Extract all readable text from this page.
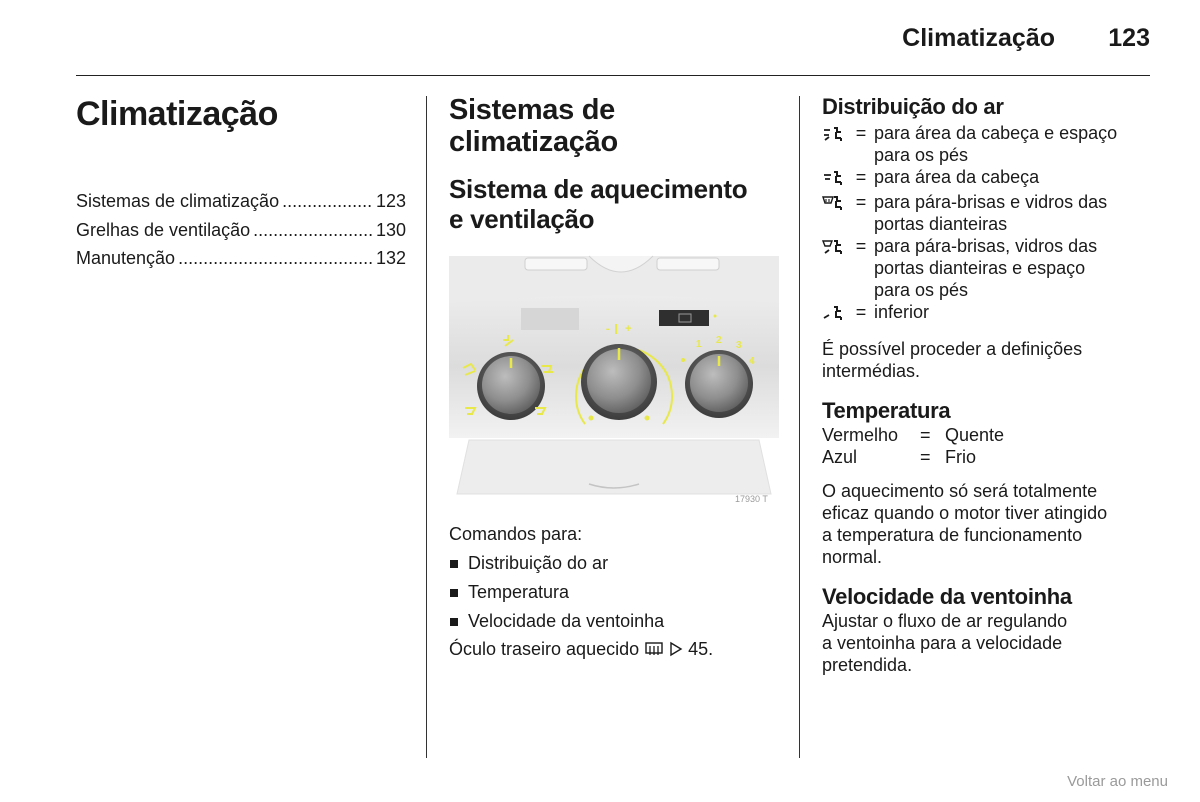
Climatização 123
Climatização
Sistemas de climatização .....	123
Grelhas de ventilação .....	130
Manutenção .....	132
Sistemas de
climatização
Sistema de aquecimento
e ventilação
- +
1 2 3
4
17930 T
Comandos para:
Distribuição do ar
Temperatura
Velocidade da ventoinha
Óculo traseiro aquecido	45.
Distribuição do ar
= para área da cabeça e espaço
para os pés
= para área da cabeça
= para pára-brisas e vidros das
portas dianteiras
= para pára-brisas, vidros das
portas dianteiras e espaço
para os pés
= inferior
É possível proceder a definições
intermédias.
Temperatura
Vermelho	= Quente
Azul	= Frio
O aquecimento só será totalmente
eficaz quando o motor tiver atingido
a temperatura de funcionamento
normal.
Velocidade da ventoinha
Ajustar o fluxo de ar regulando
a ventoinha para a velocidade
pretendida.
Voltar ao menu
